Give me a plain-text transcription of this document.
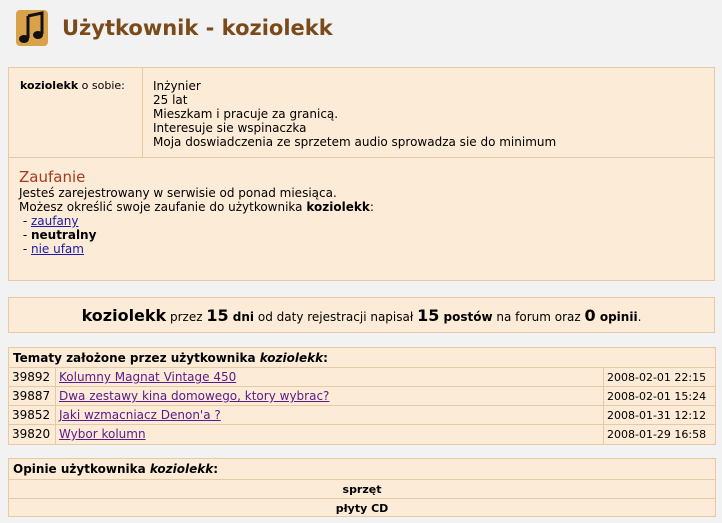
Użytkownik - koziolekk
koziolekk o sobie:	Inżynier
25 lat
Mieszkam i pracuje za granicą.
Interesuje sie wspinaczka
Moja doswiadczenia ze sprzetem audio sprowadza sie do minimum
Zaufanie
Jesteś zarejestrowany w serwisie od ponad miesiąca.
Możesz określić swoje zaufanie do użytkownika koziolekk:
- zaufany
- neutralny
- nie ufam
koziolekk przez 15 dni od daty rejestracji napisał 15 postów na forum oraz 0 opinii.
Tematy założone przez użytkownika koziolekk:
39892 Kolumny Magnat Vintage 450	2008-02-01 22:15
39887 Dwa zestawy kina domowego, ktory wybrac?	2008-02-01 15:24
39852 Jaki wzmacniacz Denon'a ?	2008-01-31 12:12
39820 Wybor kolumn	2008-01-29 16:58
Opinie użytkownika koziolekk:
sprzęt
płyty CD
